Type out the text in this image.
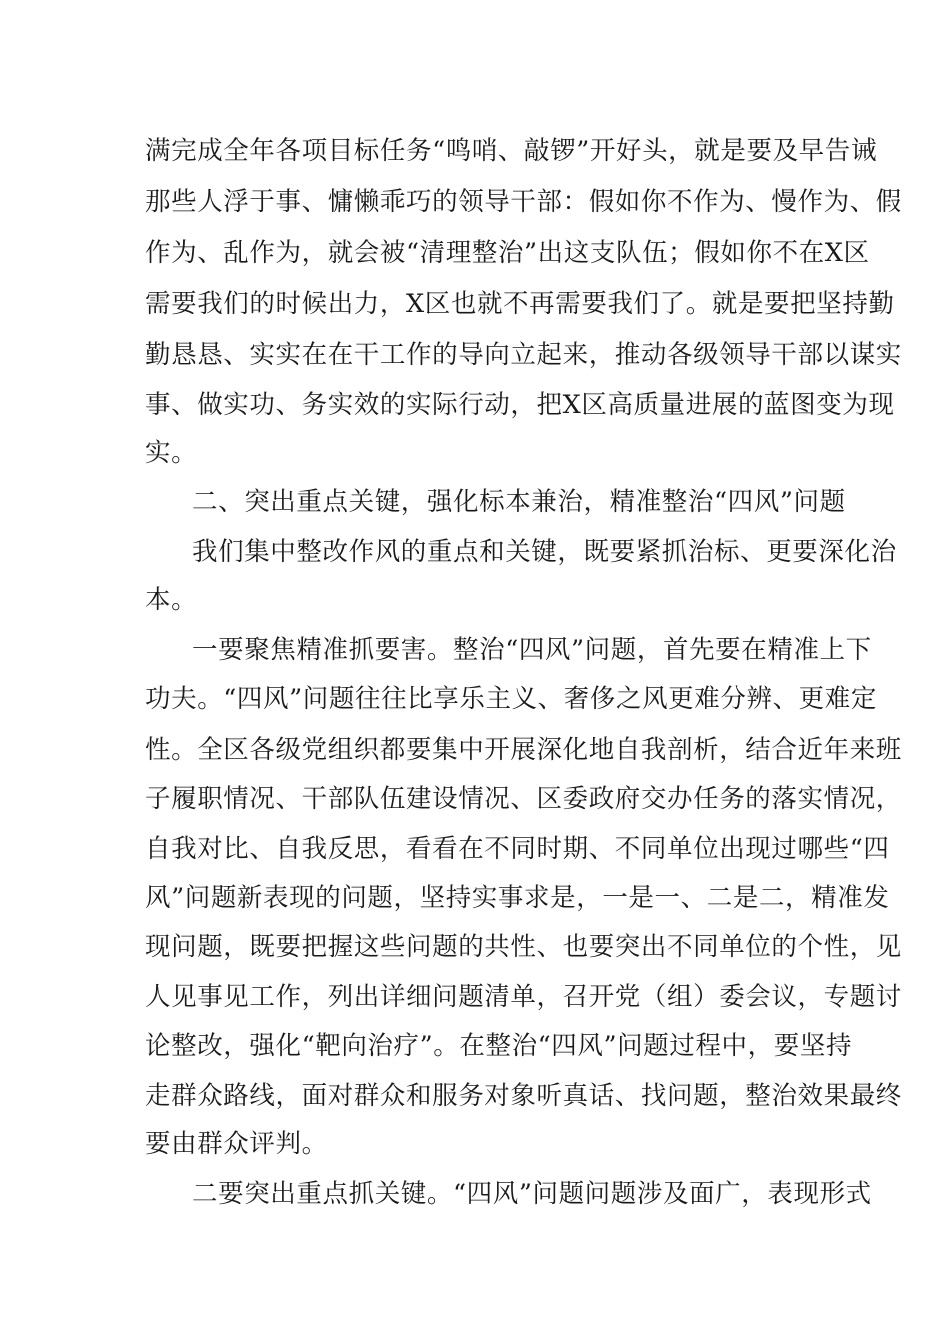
满完成全年各项目标任务“鸣哨、敲锣”开好头，就是要及早告诫
那些人浮于事、慵懒乖巧的领导干部：假如你不作为、慢作为、假
作为、乱作为，就会被“清理整治”出这支队伍；假如你不在X区
需要我们的时候出力，X区也就不再需要我们了。就是要把坚持勤
勤恳恳、实实在在干工作的导向立起来，推动各级领导干部以谋实
事、做实功、务实效的实际行动，把X区高质量进展的蓝图变为现
实。
二、突出重点关键，强化标本兼治，精准整治“四风”问题
我们集中整改作风的重点和关键，既要紧抓治标、更要深化治
本。
一要聚焦精准抓要害。整治“四风”问题，首先要在精准上下
功夫。“四风”问题往往比享乐主义、奢侈之风更难分辨、更难定
性。全区各级党组织都要集中开展深化地自我剖析，结合近年来班
子履职情况、干部队伍建设情况、区委政府交办任务的落实情况，
自我对比、自我反思，看看在不同时期、不同单位出现过哪些“四
风”问题新表现的问题，坚持实事求是，一是一、二是二，精准发
现问题，既要把握这些问题的共性、也要突出不同单位的个性，见
人见事见工作，列出详细问题清单，召开党（组）委会议，专题讨
论整改，强化“靶向治疗”。在整治“四风”问题过程中，要坚持
走群众路线，面对群众和服务对象听真话、找问题，整治效果最终
要由群众评判。
二要突出重点抓关键。“四风”问题问题涉及面广，表现形式
